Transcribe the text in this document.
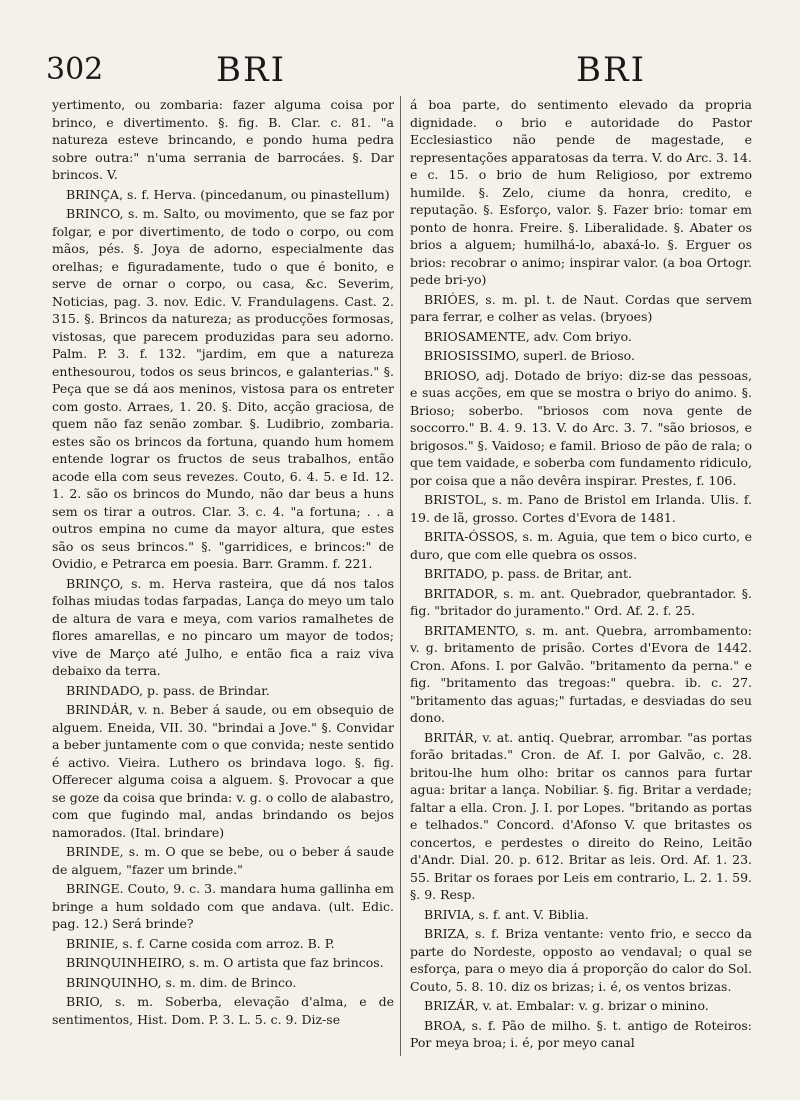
302	BRI	BRI

yertimento, ou zombaria: fazer alguma coisa por brinco, e divertimento. §. fig. B. Clar. c. 81. "a natureza esteve brincando, e pondo huma pedra sobre outra:" n'uma serrania de barrocáes. §. Dar brincos. V.

BRINÇA, s. f. Herva. (pincedanum, ou pinastellum)

BRINCO, s. m. Salto, ou movimento, que se faz por folgar, e por divertimento, de todo o corpo, ou com mãos, pés. §. Joya de adorno, especialmente das orelhas; e figuradamente, tudo o que é bonito, e serve de ornar o corpo, ou casa, &c. Severim, Noticias, pag. 3. nov. Edic. V. Frandulagens. Cast. 2. 315. §. Brincos da natureza; as producções formosas, vistosas, que parecem produzidas para seu adorno. Palm. P. 3. f. 132. "jardim, em que a natureza enthesourou, todos os seus brincos, e galanterias." §. Peça que se dá aos meninos, vistosa para os entreter com gosto. Arraes, 1. 20. §. Dito, acção graciosa, de quem não faz senão zombar. §. Ludibrio, zombaria. estes são os brincos da fortuna, quando hum homem entende lograr os fructos de seus trabalhos, então acode ella com seus revezes. Couto, 6. 4. 5. e Id. 12. 1. 2. são os brincos do Mundo, não dar beus a huns sem os tirar a outros. Clar. 3. c. 4. "a fortuna; . . a outros empina no cume da mayor altura, que estes são os seus brincos." §. "garridices, e brincos:" de Ovidio, e Petrarca em poesia. Barr. Gramm. f. 221.

BRINÇO, s. m. Herva rasteira, que dá nos talos folhas miudas todas farpadas, Lança do meyo um talo de altura de vara e meya, com varios ramalhetes de flores amarellas, e no pincaro um mayor de todos; vive de Março até Julho, e então fica a raiz viva debaixo da terra.

BRINDADO, p. pass. de Brindar.

BRINDÁR, v. n. Beber á saude, ou em obsequio de alguem. Eneida, VII. 30. "brindai a Jove." §. Convidar a beber juntamente com o que convida; neste sentido é activo. Vieira. Luthero os brindava logo. §. fig. Offerecer alguma coisa a alguem. §. Provocar a que se goze da coisa que brinda: v. g. o collo de alabastro, com que fugindo mal, andas brindando os bejos namorados. (Ital. brindare)

BRINDE, s. m. O que se bebe, ou o beber á saude de alguem, "fazer um brinde."

BRINGE. Couto, 9. c. 3. mandara huma gallinha em bringe a hum soldado com que andava. (ult. Edic. pag. 12.) Será brinde?

BRINIE, s. f. Carne cosida com arroz. B. P.

BRINQUINHEIRO, s. m. O artista que faz brincos.

BRINQUINHO, s. m. dim. de Brinco.

BRIO, s. m. Soberba, elevação d'alma, e de sentimentos, Hist. Dom. P. 3. L. 5. c. 9. Diz-se

á boa parte, do sentimento elevado da propria dignidade. o brio e autoridade do Pastor Ecclesiastico não pende de magestade, e representações apparatosas da terra. V. do Arc. 3. 14. e c. 15. o brio de hum Religioso, por extremo humilde. §. Zelo, ciume da honra, credito, e reputação. §. Esforço, valor. §. Fazer brio: tomar em ponto de honra. Freire. §. Liberalidade. §. Abater os brios a alguem; humilhá-lo, abaxá-lo. §. Erguer os brios: recobrar o animo; inspirar valor. (a boa Ortogr. pede bri-yo)

BRIÓES, s. m. pl. t. de Naut. Cordas que servem para ferrar, e colher as velas. (bryoes)

BRIOSAMENTE, adv. Com briyo.

BRIOSISSIMO, superl. de Brioso.

BRIOSO, adj. Dotado de briyo: diz-se das pessoas, e suas acções, em que se mostra o briyo do animo. §. Brioso; soberbo. "briosos com nova gente de soccorro." B. 4. 9. 13. V. do Arc. 3. 7. "são briosos, e brigosos." §. Vaidoso; e famil. Brioso de pão de rala; o que tem vaidade, e soberba com fundamento ridiculo, por coisa que a não devêra inspirar. Prestes, f. 106.

BRISTOL, s. m. Pano de Bristol em Irlanda. Ulis. f. 19. de lã, grosso. Cortes d'Evora de 1481.

BRITA-ÓSSOS, s. m. Aguia, que tem o bico curto, e duro, que com elle quebra os ossos.

BRITADO, p. pass. de Britar, ant.

BRITADOR, s. m. ant. Quebrador, quebrantador. §. fig. "britador do juramento." Ord. Af. 2. f. 25.

BRITAMENTO, s. m. ant. Quebra, arrombamento: v. g. britamento de prisão. Cortes d'Evora de 1442. Cron. Afons. I. por Galvão. "britamento da perna." e fig. "britamento das tregoas:" quebra. ib. c. 27. "britamento das aguas;" furtadas, e desviadas do seu dono.

BRITÁR, v. at. antiq. Quebrar, arrombar. "as portas forão britadas." Cron. de Af. I. por Galvão, c. 28. britou-lhe hum olho: britar os cannos para furtar agua: britar a lança. Nobiliar. §. fig. Britar a verdade; faltar a ella. Cron. J. I. por Lopes. "britando as portas e telhados." Concord. d'Afonso V. que britastes os concertos, e perdestes o direito do Reino, Leitão d'Andr. Dial. 20. p. 612. Britar as leis. Ord. Af. 1. 23. 55. Britar os foraes por Leis em contrario, L. 2. 1. 59. §. 9. Resp.

BRIVIA, s. f. ant. V. Biblia.

BRIZA, s. f. Briza ventante: vento frio, e secco da parte do Nordeste, opposto ao vendaval; o qual se esforça, para o meyo dia á proporção do calor do Sol. Couto, 5. 8. 10. diz os brizas; i. é, os ventos brizas.

BRIZÁR, v. at. Embalar: v. g. brizar o minino.

BROA, s. f. Pão de milho. §. t. antigo de Roteiros: Por meya broa; i. é, por meyo canal
